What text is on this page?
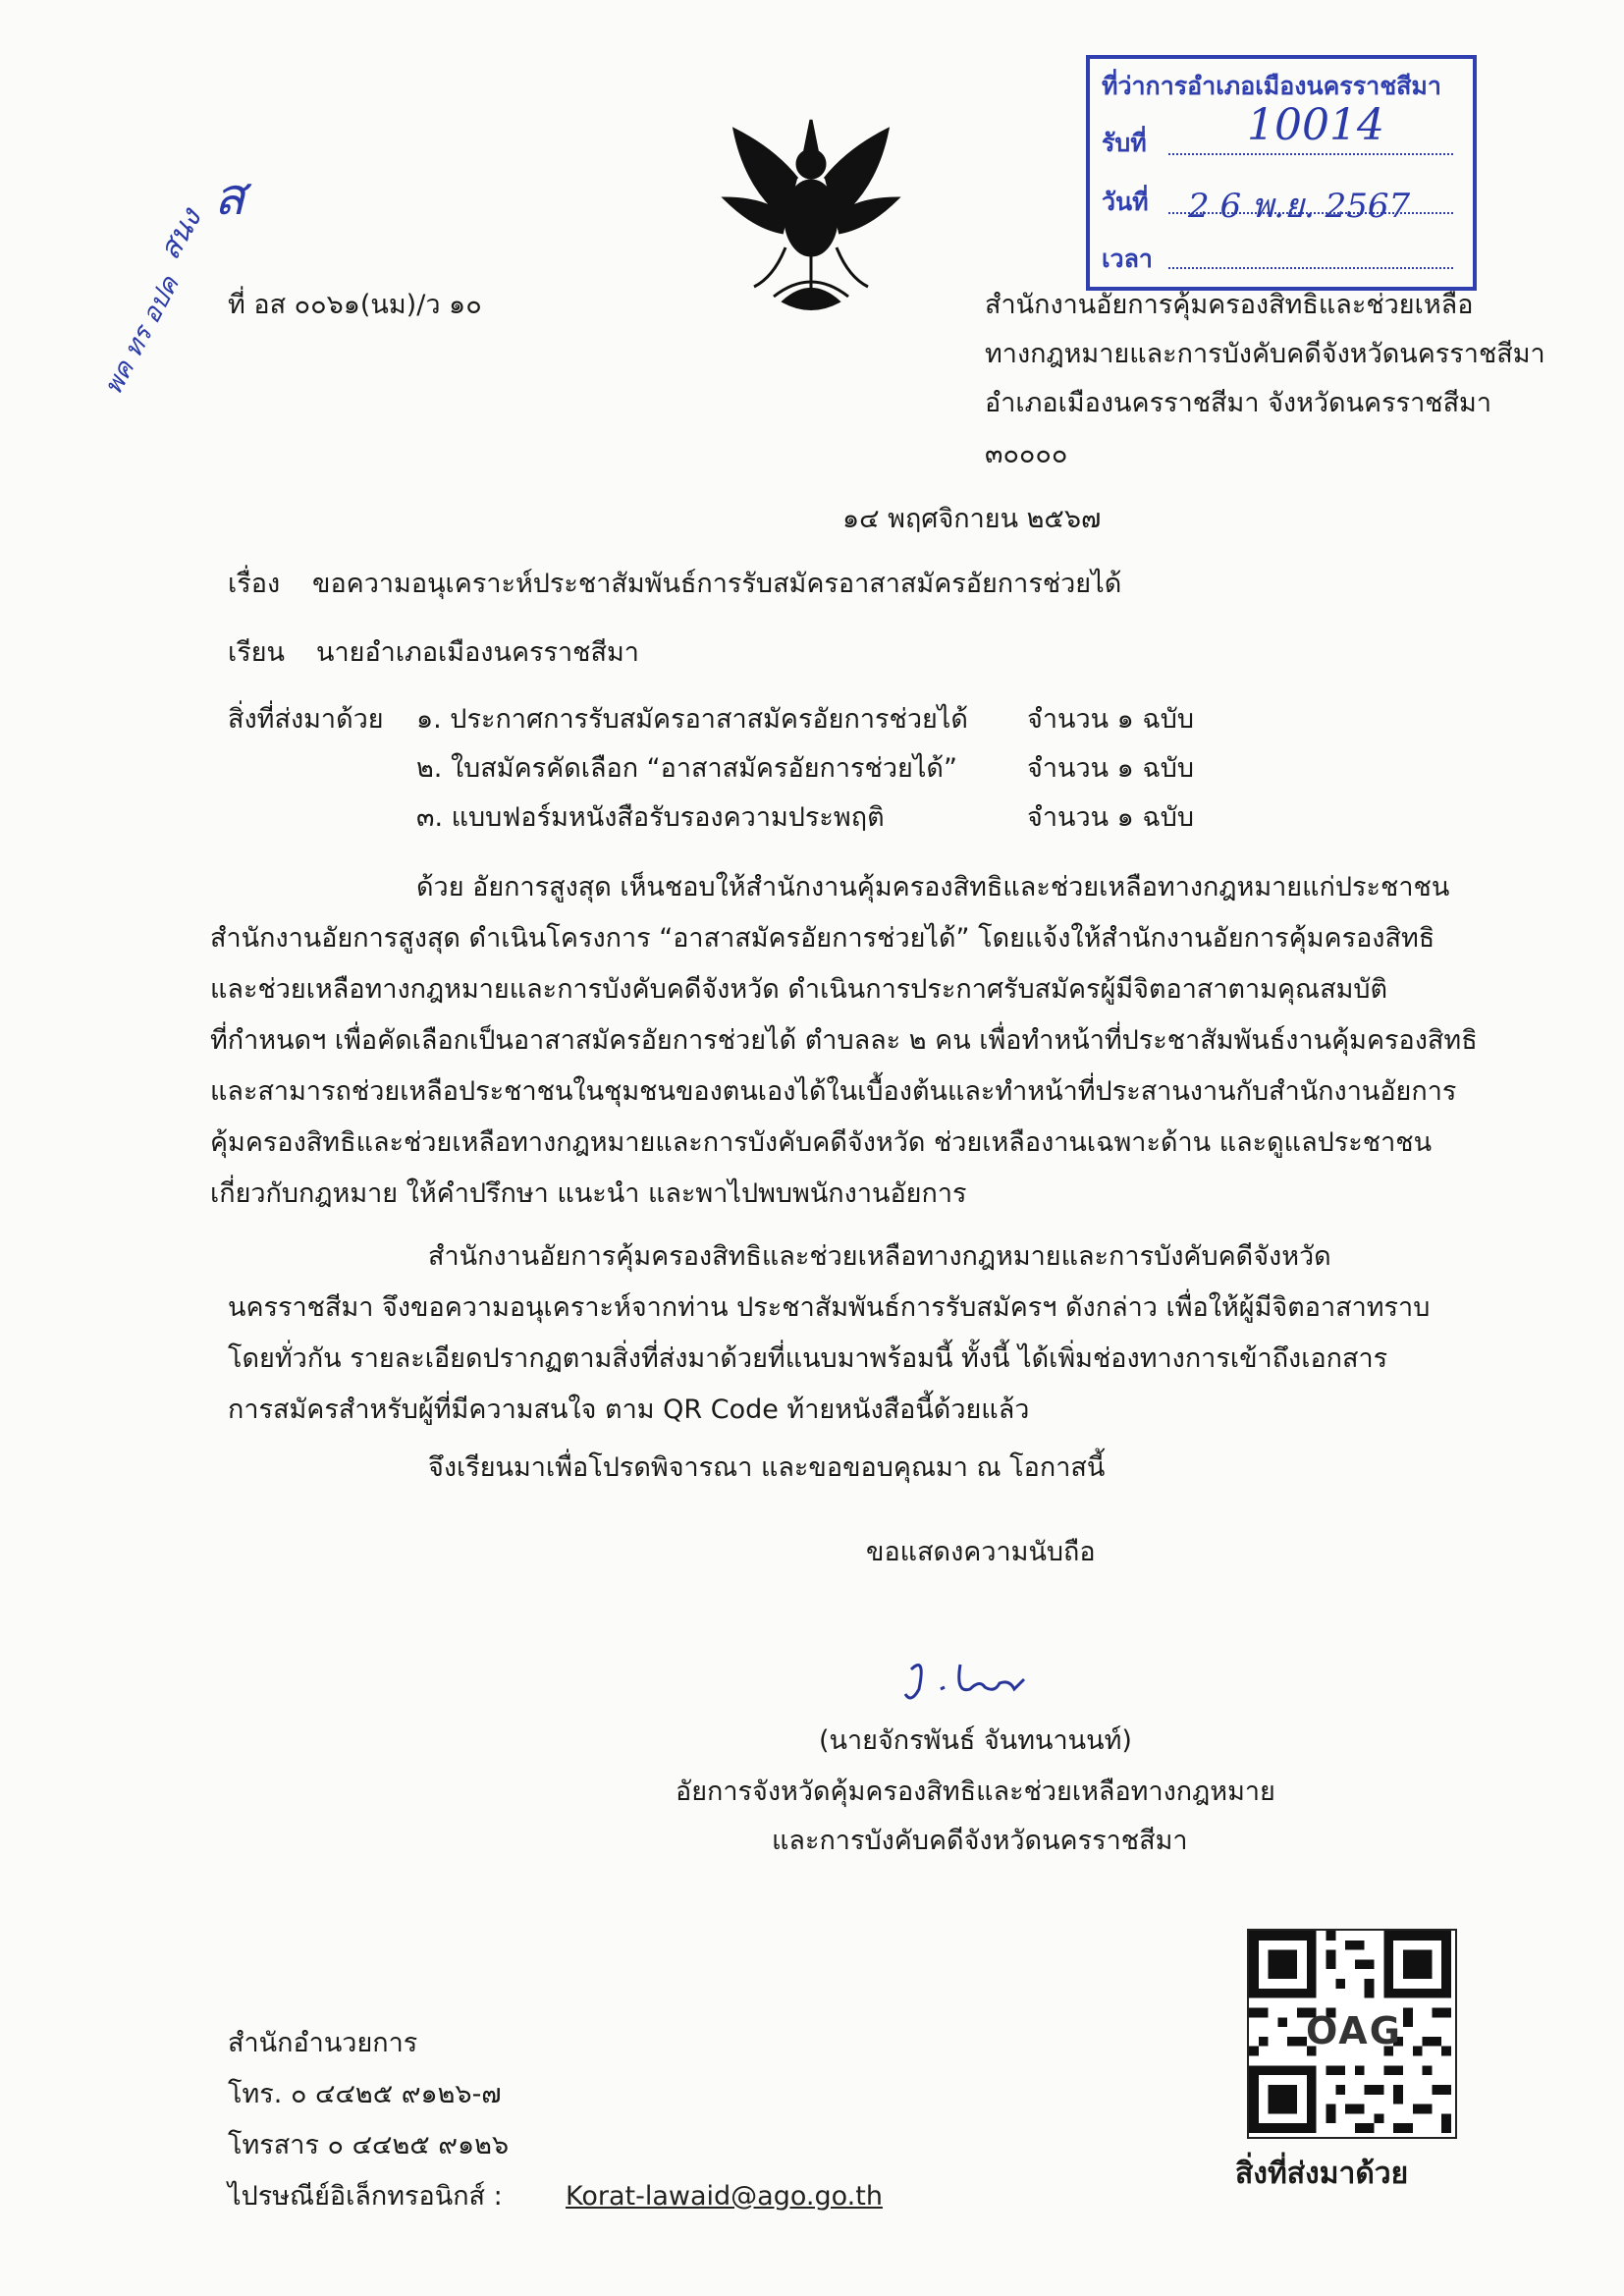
ที่ว่าการอำเภอเมืองนครราชสีมา
รับที่ 10014
วันที่ 2 6 พ.ย. 2567
เวลา
สนง
พค ทร อปค
ส
ที่ อส ๐๐๖๑(นม)/ว ๑๐	สำนักงานอัยการคุ้มครองสิทธิและช่วยเหลือ
ทางกฎหมายและการบังคับคดีจังหวัดนครราชสีมา
อำเภอเมืองนครราชสีมา จังหวัดนครราชสีมา
๓๐๐๐๐
๑๔ พฤศจิกายน ๒๕๖๗
เรื่อง ขอความอนุเคราะห์ประชาสัมพันธ์การรับสมัครอาสาสมัครอัยการช่วยได้
เรียน นายอำเภอเมืองนครราชสีมา
สิ่งที่ส่งมาด้วย ๑. ประกาศการรับสมัครอาสาสมัครอัยการช่วยได้ จำนวน ๑ ฉบับ
๒. ใบสมัครคัดเลือก “อาสาสมัครอัยการช่วยได้”	จำนวน ๑ ฉบับ
๓. แบบฟอร์มหนังสือรับรองความประพฤติ	จำนวน ๑ ฉบับ
ด้วย อัยการสูงสุด เห็นชอบให้สำนักงานคุ้มครองสิทธิและช่วยเหลือทางกฎหมายแก่ประชาชน
สำนักงานอัยการสูงสุด ดำเนินโครงการ “อาสาสมัครอัยการช่วยได้” โดยแจ้งให้สำนักงานอัยการคุ้มครองสิทธิ
และช่วยเหลือทางกฎหมายและการบังคับคดีจังหวัด ดำเนินการประกาศรับสมัครผู้มีจิตอาสาตามคุณสมบัติ
ที่กำหนดฯ เพื่อคัดเลือกเป็นอาสาสมัครอัยการช่วยได้ ตำบลละ ๒ คน เพื่อทำหน้าที่ประชาสัมพันธ์งานคุ้มครองสิทธิ
และสามารถช่วยเหลือประชาชนในชุมชนของตนเองได้ในเบื้องต้นและทำหน้าที่ประสานงานกับสำนักงานอัยการ
คุ้มครองสิทธิและช่วยเหลือทางกฎหมายและการบังคับคดีจังหวัด ช่วยเหลืองานเฉพาะด้าน และดูแลประชาชน
เกี่ยวกับกฎหมาย ให้คำปรึกษา แนะนำ และพาไปพบพนักงานอัยการ
สำนักงานอัยการคุ้มครองสิทธิและช่วยเหลือทางกฎหมายและการบังคับคดีจังหวัด
นครราชสีมา จึงขอความอนุเคราะห์จากท่าน ประชาสัมพันธ์การรับสมัครฯ ดังกล่าว เพื่อให้ผู้มีจิตอาสาทราบ
โดยทั่วกัน รายละเอียดปรากฏตามสิ่งที่ส่งมาด้วยที่แนบมาพร้อมนี้ ทั้งนี้ ได้เพิ่มช่องทางการเข้าถึงเอกสาร
การสมัครสำหรับผู้ที่มีความสนใจ ตาม QR Code ท้ายหนังสือนี้ด้วยแล้ว
จึงเรียนมาเพื่อโปรดพิจารณา และขอขอบคุณมา ณ โอกาสนี้
ขอแสดงความนับถือ
(นายจักรพันธ์ จันทนานนท์)
อัยการจังหวัดคุ้มครองสิทธิและช่วยเหลือทางกฎหมาย
และการบังคับคดีจังหวัดนครราชสีมา
สำนักอำนวยการ
โทร. ๐ ๔๔๒๕ ๙๑๒๖-๗
โทรสาร ๐ ๔๔๒๕ ๙๑๒๖
ไปรษณีย์อิเล็กทรอนิกส์ : Korat-lawaid@ago.go.th
OAG
สิ่งที่ส่งมาด้วย
